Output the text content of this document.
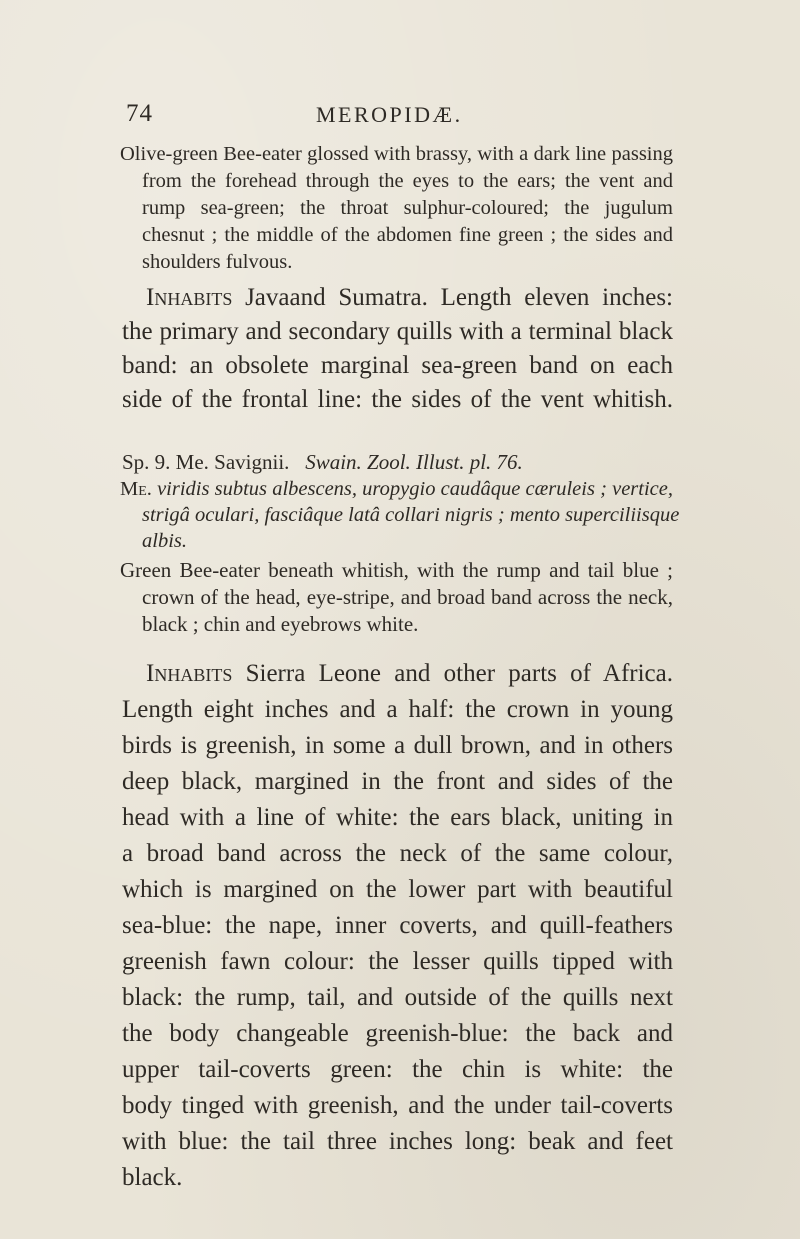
74	MEROPIDÆ.
Olive-green Bee-eater glossed with brassy, with a dark line passing
from the forehead through the eyes to the ears; the vent and
rump sea-green; the throat sulphur-coloured; the jugulum
chesnut ; the middle of the abdomen fine green ; the sides and
shoulders fulvous.
Inhabits Javaand Sumatra. Length eleven inches:
the primary and secondary quills with a terminal black
band: an obsolete marginal sea-green band on each
side of the frontal line: the sides of the vent whitish.
Sp. 9. Me. Savignii. Swain. Zool. Illust. pl. 76.
Me. viridis subtus albescens, uropygio caudâque cæruleis ; vertice,
strigâ oculari, fasciâque latâ collari nigris ; mento superciliisque
albis.
Green Bee-eater beneath whitish, with the rump and tail blue ;
crown of the head, eye-stripe, and broad band across the neck,
black ; chin and eyebrows white.
Inhabits Sierra Leone and other parts of Africa.
Length eight inches and a half: the crown in young
birds is greenish, in some a dull brown, and in others
deep black, margined in the front and sides of the
head with a line of white: the ears black, uniting in
a broad band across the neck of the same colour,
which is margined on the lower part with beautiful
sea-blue: the nape, inner coverts, and quill-feathers
greenish fawn colour: the lesser quills tipped with
black: the rump, tail, and outside of the quills next
the body changeable greenish-blue: the back and
upper tail-coverts green: the chin is white: the
body tinged with greenish, and the under tail-coverts
with blue: the tail three inches long: beak and feet
black.
